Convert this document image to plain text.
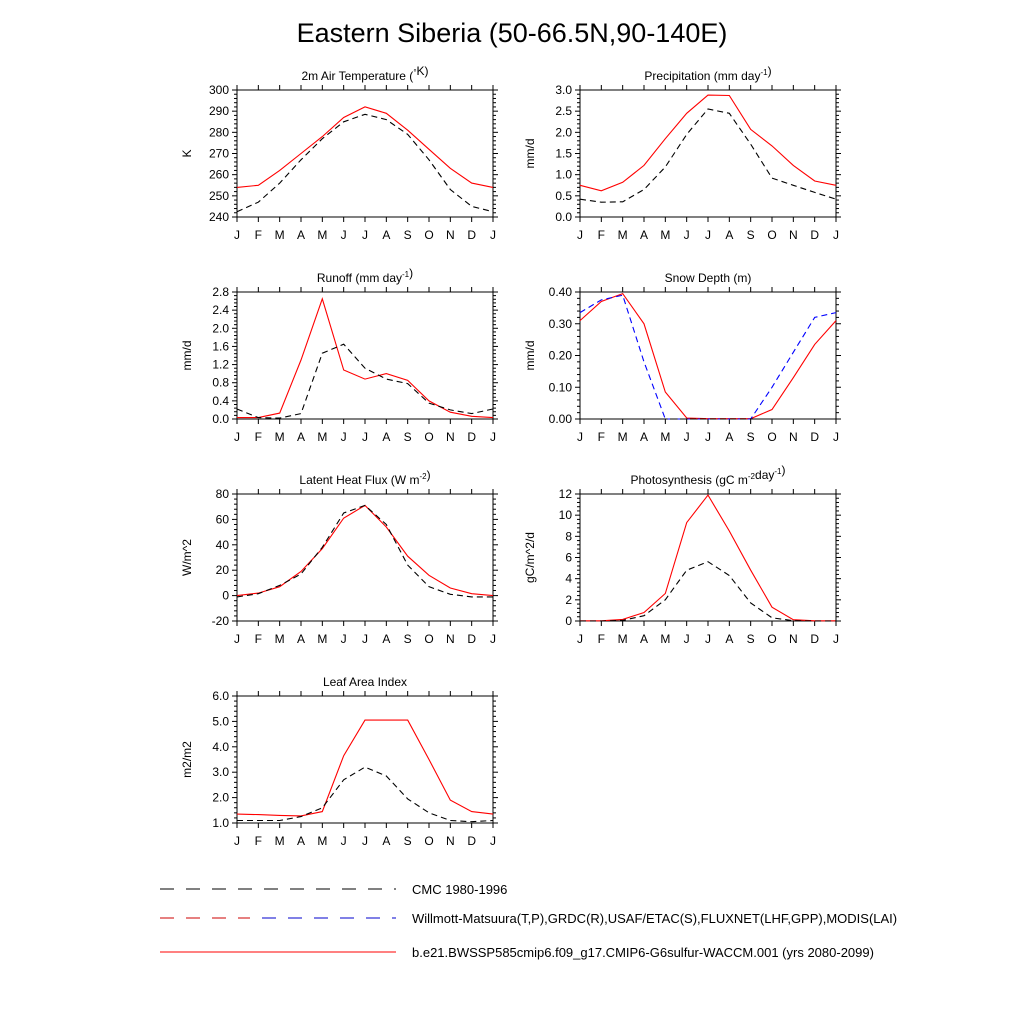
Eastern Siberia (50-66.5N,90-140E)
2m Air Temperature (°K)
K
240
250
260
270
280
290
300
J F M A M J J A S O N D J
Precipitation (mm day$^{-1}$)
mm/d
0.0
0.5
1.0
1.5
2.0
2.5
3.0
J F M A M J J A S O N D J
Runoff (mm day$^{-1}$)
mm/d
0.0
0.4
0.8
1.2
1.6
2.0
2.4
2.8
J F M A M J J A S O N D J
Snow Depth (m)
mm/d
0.00
0.10
0.20
0.30
0.40
J F M A M J J A S O N D J
Latent Heat Flux (W $m^{-2}$)
W/m^2
-20
0
20
40
60
80
J F M A M J J A S O N D J
Photosynthesis (gC $m^{-2}day^{-1}$)
gC/m^2/d
0
2
4
6
8
10
12
J F M A M J J A S O N D J
Leaf Area Index
m2/m2
1.0
2.0
3.0
4.0
5.0
6.0
J F M A M J J A S O N D J
CMC 1980-1996
Willmott-Matsuura(T,P),GRDC(R),USAF/ETAC(S),FLUXNET(LHF,GPP),MODIS(LAI)
b.e21.BWSSP585cmip6.f09_g17.CMIP6-G6sulfur-WACCM.001 (yrs 2080-2099)
